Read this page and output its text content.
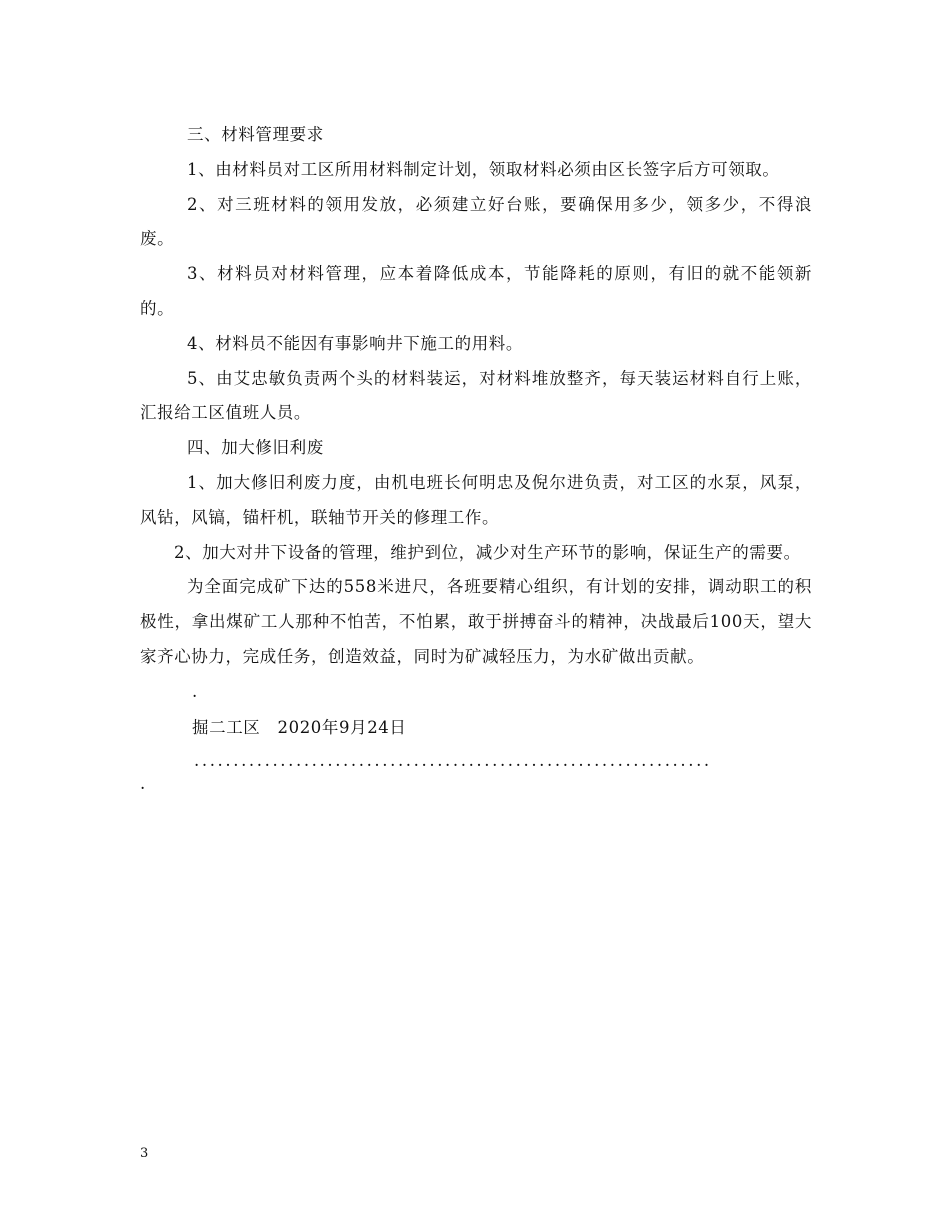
三、材料管理要求

1、由材料员对工区所用材料制定计划，领取材料必须由区长签字后方可领取。

2、对三班材料的领用发放，必须建立好台账，要确保用多少，领多少，不得浪废。

3、材料员对材料管理，应本着降低成本，节能降耗的原则，有旧的就不能领新的。

4、材料员不能因有事影响井下施工的用料。

5、由艾忠敏负责两个头的材料装运，对材料堆放整齐，每天装运材料自行上账，汇报给工区值班人员。

四、加大修旧利废

1、加大修旧利废力度，由机电班长何明忠及倪尔进负责，对工区的水泵，风泵，风钻，风镐，锚杆机，联轴节开关的修理工作。

2、加大对井下设备的管理，维护到位，减少对生产环节的影响，保证生产的需要。

为全面完成矿下达的558米进尺，各班要精心组织，有计划的安排，调动职工的积极性，拿出煤矿工人那种不怕苦，不怕累，敢于拼搏奋斗的精神，决战最后100天，望大家齐心协力，完成任务，创造效益，同时为矿减轻压力，为水矿做出贡献。

.

掘二工区　2020年9月24日

..................................................................

.

3
